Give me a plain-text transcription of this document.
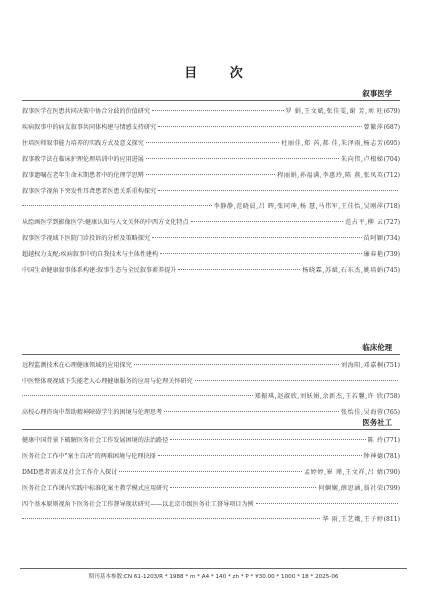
目 次
叙事医学
叙事医学在医患共同决策中协合分歧的价值研究	罗 娟,王文斌,张佳雯,谢 芳,刘 旺 (679)
疾病叙事中的病友叙事共同体构建与情感支持研究	曾繁萍 (687)
住培医师叙事能力培养的实践方式及意义探究	杜丽佳,郑 芮,郝 佳,朱泽雨,杨志芳 (695)
叙事教学法在临床护理伦理培训中的应用进展	朱向伟,卢根娣 (704)
叙事遗嘱在老年生命末期患者中的伦理学思辨	程丽娟,孙福满,李惠玲,陈 燕,张凤英 (712)
叙事医学视角下突发性耳聋患者医患关系重构探究
李静静,范晓晨,吕 晖,张同珅,杨 慧,马伟军,王佳怡,吴刚萍 (718)
从绘画医学到影像医学:健康认知与人文关怀的中西方文化特点	范占平,柳 云 (727)
叙事医学视域下医院门诊投诉的分析及策略探究	苗阿颖 (734)
超越权力支配:疾病叙事中的自我技术与主体性建构	廉春艳 (739)
中国生命健康叙事体系构建:叙事生态与全民叙事素养提升	杨晓霖,苏斌,石东杰,姚培娟 (745)
临床伦理
远程监测技术在心理健康领域的应用探究	刘海阳,邓嘉桐 (751)
中医整体观视域下失能老人心理健康服务的应用与伦理关怀研究
郑振琪,赵淑欣,刘妖娟,余新杰,王若馨,许 欣 (758)
高校心理咨询中帮助精神障碍学生的困境与伦理思考	张怡佳,吴海蓉 (765)
医务社工
健康中国背景下破解医务社会工作发展困境的法治路径	陈 玲 (771)
医务社会工作中"案主自决"的两难困境与伦理抉择	钟神德 (781)
DMD患者需求及社会工作介入探讨	孟婷婷,崔 瑾,王文祥,吕 婧 (790)
医务社会工作课内实践中标准化案主教学模式应用研究	何娴娴,薛思涵,翁社荣 (799)
四个基本原则视角下医务社会工作督导现状研究——以北京市级医务社工督导项目为例
华 雨,王艺娥,王子婷 (811)
期刊基本参数:CN 61-1203/R * 1988 * m * A4 * 140 * zh * P * ¥30.00 * 1000 * 18 * 2025-06
